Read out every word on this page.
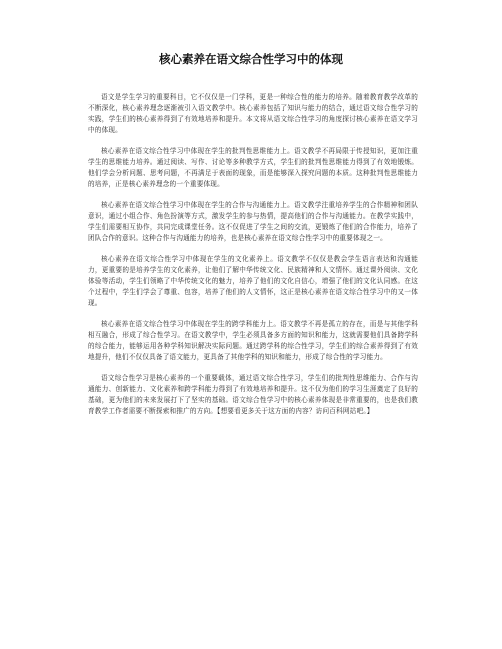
核心素养在语文综合性学习中的体现

语文是学生学习的重要科目，它不仅仅是一门学科，更是一种综合性的能力的培养。随着教育教学改革的不断深化，核心素养理念逐渐被引入语文教学中。核心素养包括了知识与能力的结合，通过语文综合性学习的实践，学生们的核心素养得到了有效地培养和提升。本文将从语文综合性学习的角度探讨核心素养在语文学习中的体现。

核心素养在语文综合性学习中体现在学生的批判性思维能力上。语文教学不再局限于传授知识，更加注重学生的思维能力培养。通过阅读、写作、讨论等多种教学方式，学生们的批判性思维能力得到了有效地锻炼。他们学会分析问题、思考问题，不再满足于表面的现象，而是能够深入探究问题的本质。这种批判性思维能力的培养，正是核心素养理念的一个重要体现。

核心素养在语文综合性学习中体现在学生的合作与沟通能力上。语文教学注重培养学生的合作精神和团队意识，通过小组合作、角色扮演等方式，激发学生的参与热情，提高他们的合作与沟通能力。在教学实践中，学生们需要相互协作，共同完成课堂任务。这不仅促进了学生之间的交流，更锻炼了他们的合作能力，培养了团队合作的意识。这种合作与沟通能力的培养，也是核心素养在语文综合性学习中的重要体现之一。

核心素养在语文综合性学习中体现在学生的文化素养上。语文教学不仅仅是教会学生语言表达和沟通能力，更重要的是培养学生的文化素养，让他们了解中华传统文化、民族精神和人文情怀。通过课外阅读、文化体验等活动，学生们领略了中华传统文化的魅力，培养了他们的文化自信心，增强了他们的文化认同感。在这个过程中，学生们学会了尊重、包容，培养了他们的人文情怀，这正是核心素养在语文综合性学习中的又一体现。

核心素养在语文综合性学习中体现在学生的跨学科能力上。语文教学不再是孤立的存在，而是与其他学科相互融合，形成了综合性学习。在语文教学中，学生必须具备多方面的知识和能力，这就需要他们具备跨学科的综合能力，能够运用各种学科知识解决实际问题。通过跨学科的综合性学习，学生们的综合素养得到了有效地提升，他们不仅仅具备了语文能力，更具备了其他学科的知识和能力，形成了综合性的学习能力。

语文综合性学习是核心素养的一个重要载体，通过语文综合性学习，学生们的批判性思维能力、合作与沟通能力、创新能力、文化素养和跨学科能力得到了有效地培养和提升。这不仅为他们的学习生涯奠定了良好的基础，更为他们的未来发展打下了坚实的基础。语文综合性学习中的核心素养体现是非常重要的，也是我们教育教学工作者需要不断探索和推广的方向。【想要看更多关于这方面的内容？访问百科网站吧。】
